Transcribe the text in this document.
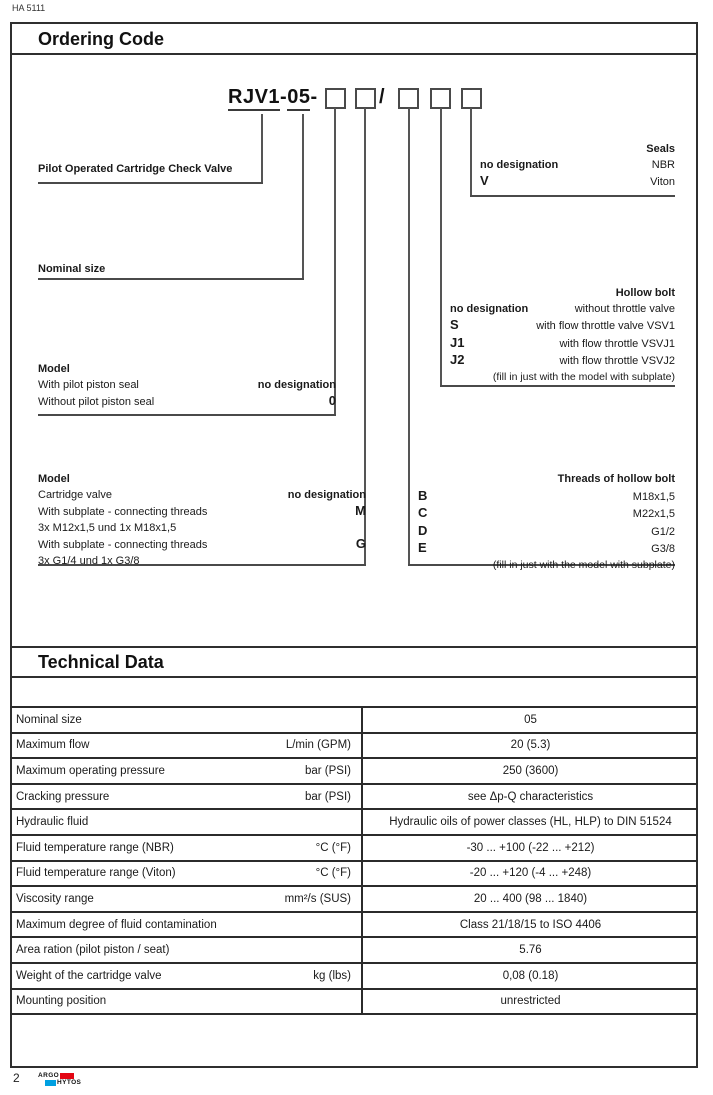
HA 5111
Ordering Code
RJV1-05-	/
Pilot Operated Cartridge Check Valve
Nominal size
Model
With pilot piston seal	no designation
Without pilot piston seal	0
Model
Cartridge valve	no designation
With subplate - connecting threads	M
3x M12x1,5 und 1x M18x1,5
With subplate - connecting threads	G
3x G1/4 und 1x G3/8
Seals
no designation	NBR
V	Viton
Hollow bolt
no designation	without throttle valve
S	with flow throttle valve VSV1
J1	with flow throttle VSVJ1
J2	with flow throttle VSVJ2
(fill in just with the model with subplate)
Threads of hollow bolt
B	M18x1,5
C	M22x1,5
D	G1/2
E	G3/8
(fill in just with the model with subplate)
Technical Data
Nominal size	05
Maximum flow	L/min (GPM)	20 (5.3)
Maximum operating pressure	bar (PSI)	250 (3600)
Cracking pressure	bar (PSI)	see Δp-Q characteristics
Hydraulic fluid	Hydraulic oils of power classes (HL, HLP) to DIN 51524
Fluid temperature range (NBR)	°C (°F)	-30 ... +100 (-22 ... +212)
Fluid temperature range (Viton)	°C (°F)	-20 ... +120 (-4 ... +248)
Viscosity range	mm²/s (SUS)	20 ... 400 (98 ... 1840)
Maximum degree of fluid contamination	Class 21/18/15 to ISO 4406
Area ration (pilot piston / seat)	5.76
Weight of the cartridge valve	kg (lbs)	0,08 (0.18)
Mounting position	unrestricted
2	ARGO
HYTOS
